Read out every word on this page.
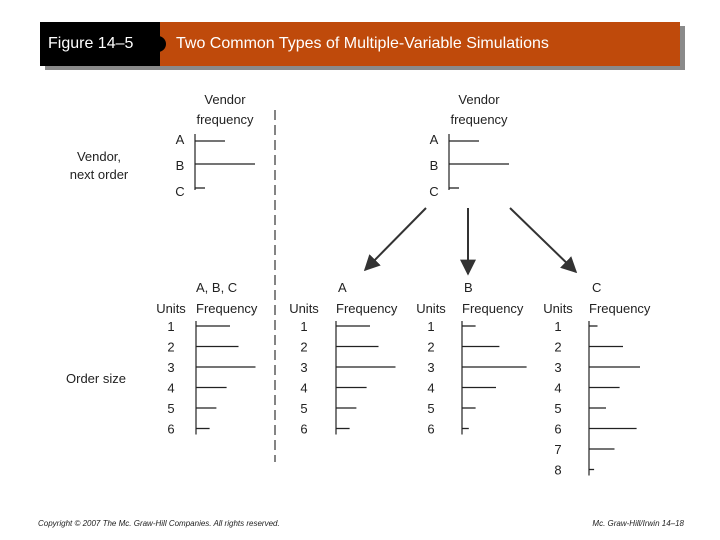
Two Common Types of Multiple-Variable Simulations
Figure 14–5
Vendor
frequency
Vendor,
next order
Order size
A
B
C
A, B, C
Units Frequency
1
2
3
4
5
6
Vendor
frequency
A
B
C
A
Units Frequency
1
2
3
4
5
6
B
Units Frequency
1
2
3
4
5
6
C
Units Frequency
1
2
3
4
5
6
7
8
Copyright © 2007 The Mc. Graw-Hill Companies. All rights reserved.	Mc. Graw-Hill/Irwin 14–18
